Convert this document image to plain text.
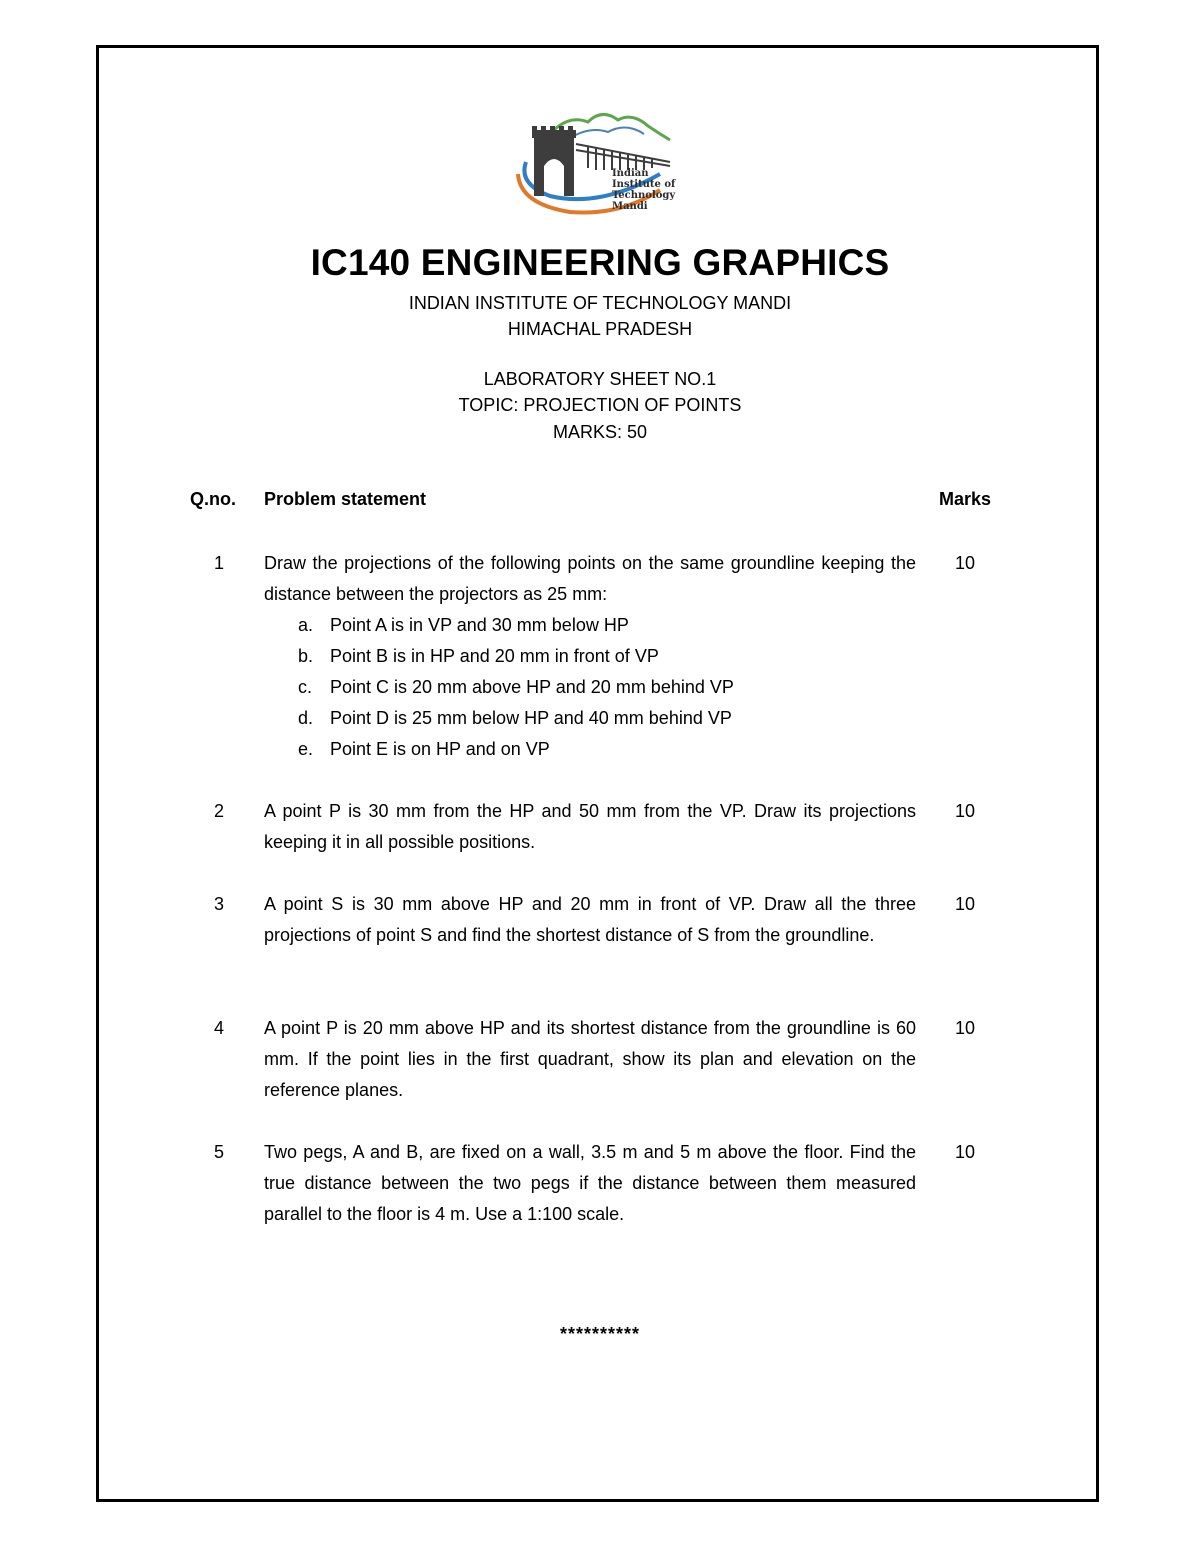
Indian
Institute of
Technology
Mandi
IC140 ENGINEERING GRAPHICS
INDIAN INSTITUTE OF TECHNOLOGY MANDI
HIMACHAL PRADESH
LABORATORY SHEET NO.1
TOPIC: PROJECTION OF POINTS
MARKS: 50
Q.no.	Problem statement	Marks
1	Draw the projections of the following points on the same groundline keeping the distance between the projectors as 25 mm:
a. Point A is in VP and 30 mm below HP
b. Point B is in HP and 20 mm in front of VP
c. Point C is 20 mm above HP and 20 mm behind VP
d. Point D is 25 mm below HP and 40 mm behind VP
e. Point E is on HP and on VP
10
2	A point P is 30 mm from the HP and 50 mm from the VP. Draw its projections keeping it in all possible positions.
10
3	A point S is 30 mm above HP and 20 mm in front of VP. Draw all the three projections of point S and find the shortest distance of S from the groundline.
10
4	A point P is 20 mm above HP and its shortest distance from the groundline is 60 mm. If the point lies in the first quadrant, show its plan and elevation on the reference planes.
10
5	Two pegs, A and B, are fixed on a wall, 3.5 m and 5 m above the floor. Find the true distance between the two pegs if the distance between them measured parallel to the floor is 4 m. Use a 1:100 scale.
10
**********
